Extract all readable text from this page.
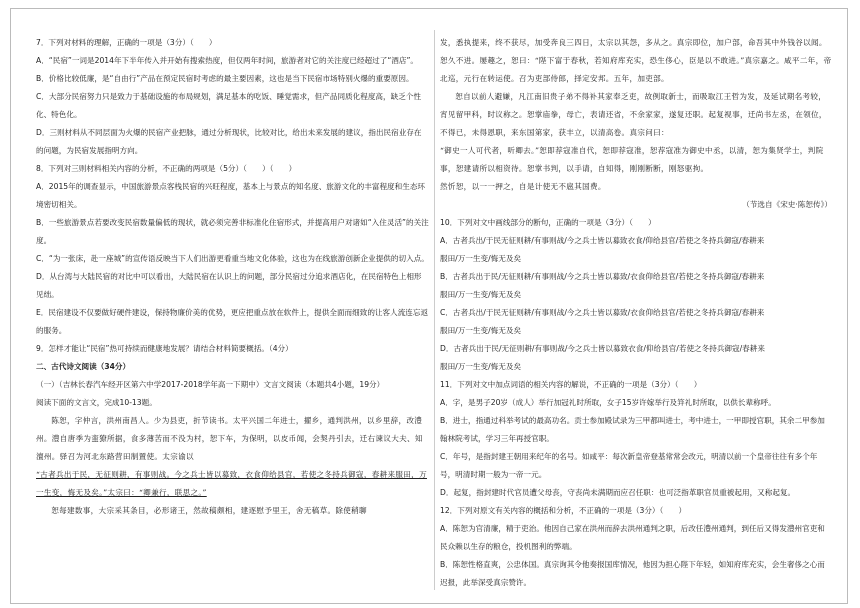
7．下列对材料的理解，正确的一项是（3分）（　　）

A．“民宿”一词是2014年下半年传入并开始有搜索热度，但仅两年时间，旅游者对它的关注度已经超过了“酒店”。

B．价格比较低廉，是“自由行”产品在预定民宿时考虑的最主要因素，这也是当下民宿市场特别火爆的重要原因。

C．大部分民宿努力只是致力于基础设施的布局规划，满足基本的吃饭、睡觉需求，但产品同质化程度高，缺乏个性化、特色化。

D．三则材料从不同层面为火爆的民宿产业把脉，通过分析现状，比较对比，给出未来发展的建议，指出民宿业存在的问题，为民宿发展指明方向。

8．下列对三则材料相关内容的分析，不正确的两项是（5分）（　　）（　　）

A．2015年的调查显示，中国旅游景点客栈民宿的兴旺程度，基本上与景点的知名度、旅游文化的丰富程度和生态环境密切相关。

B．一些旅游景点若要改变民宿数量偏低的现状，就必须完善非标准化住宿形式，并提高用户对诸如“入住灵活”的关注度。

C．“为一张床，赴一座城”的宣传语反映当下人们出游更看重当地文化体验，这也为在线旅游创新企业提供的切入点。

D．从台湾与大陆民宿的对比中可以看出，大陆民宿在认识上的问题，部分民宿过分追求酒店化，在民宿特色上相形见绌。

E．民宿建设不仅要做好硬件建设，保持物廉价美的优势，更应把重点放在软件上，提供全面而细致的让客人流连忘返的服务。

9．怎样才能让“民宿”热可持续而健康地发展？请结合材料简要概括。（4分）

二、古代诗文阅读（34分）

（一）（吉林长春汽车经开区第六中学2017-2018学年高一下期中）文言文阅读（本题共4小题，19分）

阅读下面的文言文，完成10-13题。

陈恕，字仲言，洪州南昌人。少为县吏，折节读书。太平兴国二年进士，擢乡，通判洪州，以乡里辞，改澧州。澧自唐季为蛮獠所据，食多薄苦而不没为村，恕下车，为保明，以皮币闻，会契丹引去，迁右谏议大夫、知澶州。驿召为河北东路营田制置使。太宗谕以

“古者兵出于民，无征则耕，有事则战。今之兵士皆以募致，衣食仰给县官，若使之冬持兵御寇，春耕来服田，万一生变，悔无及矣。”太宗曰：“卿兼行，联思之。”

恕每建数事，大宗采其条目，必形诸王，然故稿颇相，建逐慰予里王，舍无稿草。除使稍聊

发，悉执提来，终不获尽，加受奔良三四日，太宗以其怨，多从之。真宗即位，加户部，命吾其中外钱谷以闻。恕久不进。屡趣之，恕曰：“陛下富于春秋，若知府库充实，恐生侈心，臣是以不敢进。”真宗嘉之。咸平二年，帝北巡，元行在转运使。召为吏部侍郎，择定安邦。五年，加吏部。

恕自以前人避嫌，凡江南旧贵子弟不得补其家奉乏吏，故例取新士，而吸取江王哲为发，及延试期名考较，宵见留甲科，时议称之。恕掌庙拳，母亡，表请还省，不余家家，遂复还职。起复视事，迁尚书左丞，在领位，不得已，未得恩职，来东国第家，获丰立，以清高卷。真宗问曰：

“御史一人可代者，听卿去。”恕即荐寇准自代，恕即荐寇准，恕荐寇准为御史中丞，以清，恕为集贤学士，判院事，恕建请所以相资待。恕掌书判，以手请，自知得，刚刚断断，刚怒驱拘。

然忻恕，以一一押之，自是计使无不扈其国费。

（节选自《宋史·陈恕传》）

10．下列对文中画线部分的断句，正确的一项是（3分）（　　）

A．古者兵出/于民无征则耕/有事则战/今之兵士皆以募致衣食/仰给县官/若使之冬持兵御寇/春耕来

服田/万一生变/悔无及矣

B．古者兵出于民/无征则耕/有事则战/今之兵士皆以募致/衣食仰给县官/若使之冬持兵御寇/春耕来

服田/万一生变/悔无及矣

C．古者兵出/于民无征则耕/有事则战/今之兵士皆以募致/衣食仰给县官/若使之冬持兵御寇/春耕来

服田/万一生变/悔无及矣

D．古者兵出于民/无征则耕/有事则战/今之兵士皆以募致衣食/仰给县官/若使之冬持兵御寇/春耕来

服田/万一生变/悔无及矣

11．下列对文中加点词语的相关内容的解说，不正确的一项是（3分）（　　）

A．字，是男子20岁（成人）举行加冠礼时所取，女子15岁许嫁举行及笄礼时所取，以供长辈称呼。

B．进士，指通过科举考试的最高功名。贡士参加殿试录为三甲都叫进士，考中进士，一甲即授官职，其余二甲参加翰林院考试，学习三年再授官职。

C．年号，是指封建王朝用来纪年的名号。如咸平：每次新皇帝登基常常会改元，明清以前一个皇帝往往有多个年号，明清时期一般为一帝一元。

D．起复，指封建时代官员遭父母丧，守丧尚未满期而应召任职：也可泛指革职官员重被起用，又称起复。

12．下列对原文有关内容的概括和分析，不正确的一项是（3分）（　　）

A．陈恕为官清廉，精于吏治。他因自己家在洪州而辞去洪州通判之职，后改任澧州通判，到任后又得发澧州官吏和民众赖以生存的粮仓，投机图利的弊端。

B．陈恕性格直爽，公忠体国。真宗询其令他奏报国库情况，他因为担心陛下年轻，如知府库充实，会生奢侈之心而迟报，此举深受真宗赞许。
